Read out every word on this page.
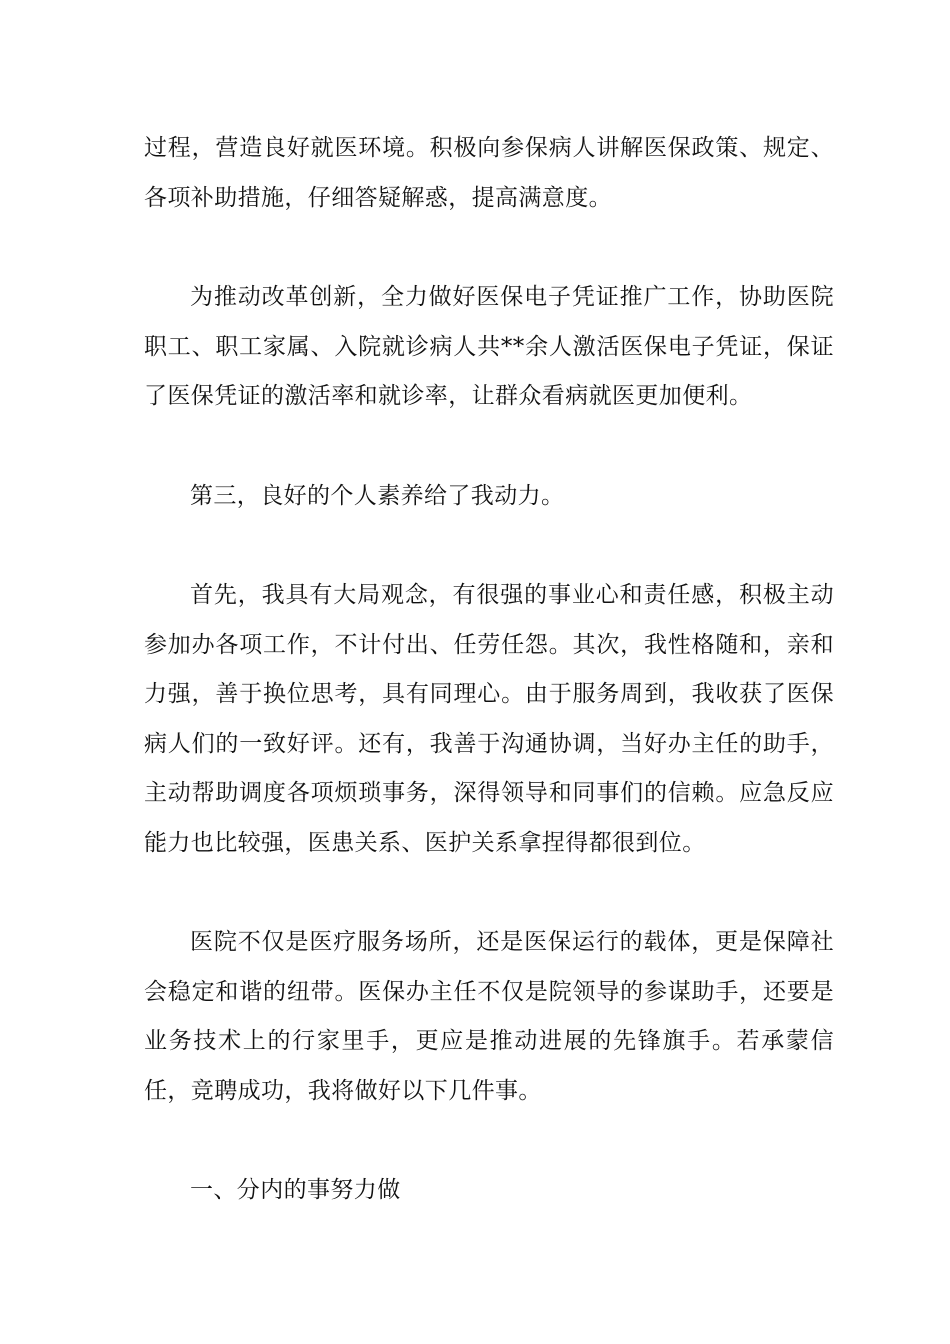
过程，营造良好就医环境。积极向参保病人讲解医保政策、规定、各项补助措施，仔细答疑解惑，提高满意度。

为推动改革创新，全力做好医保电子凭证推广工作，协助医院职工、职工家属、入院就诊病人共**余人激活医保电子凭证，保证了医保凭证的激活率和就诊率，让群众看病就医更加便利。

第三，良好的个人素养给了我动力。

首先，我具有大局观念，有很强的事业心和责任感，积极主动参加办各项工作，不计付出、任劳任怨。其次，我性格随和，亲和力强，善于换位思考，具有同理心。由于服务周到，我收获了医保病人们的一致好评。还有，我善于沟通协调，当好办主任的助手，主动帮助调度各项烦琐事务，深得领导和同事们的信赖。应急反应能力也比较强，医患关系、医护关系拿捏得都很到位。

医院不仅是医疗服务场所，还是医保运行的载体，更是保障社会稳定和谐的纽带。医保办主任不仅是院领导的参谋助手，还要是业务技术上的行家里手，更应是推动进展的先锋旗手。若承蒙信任，竞聘成功，我将做好以下几件事。

一、分内的事努力做
